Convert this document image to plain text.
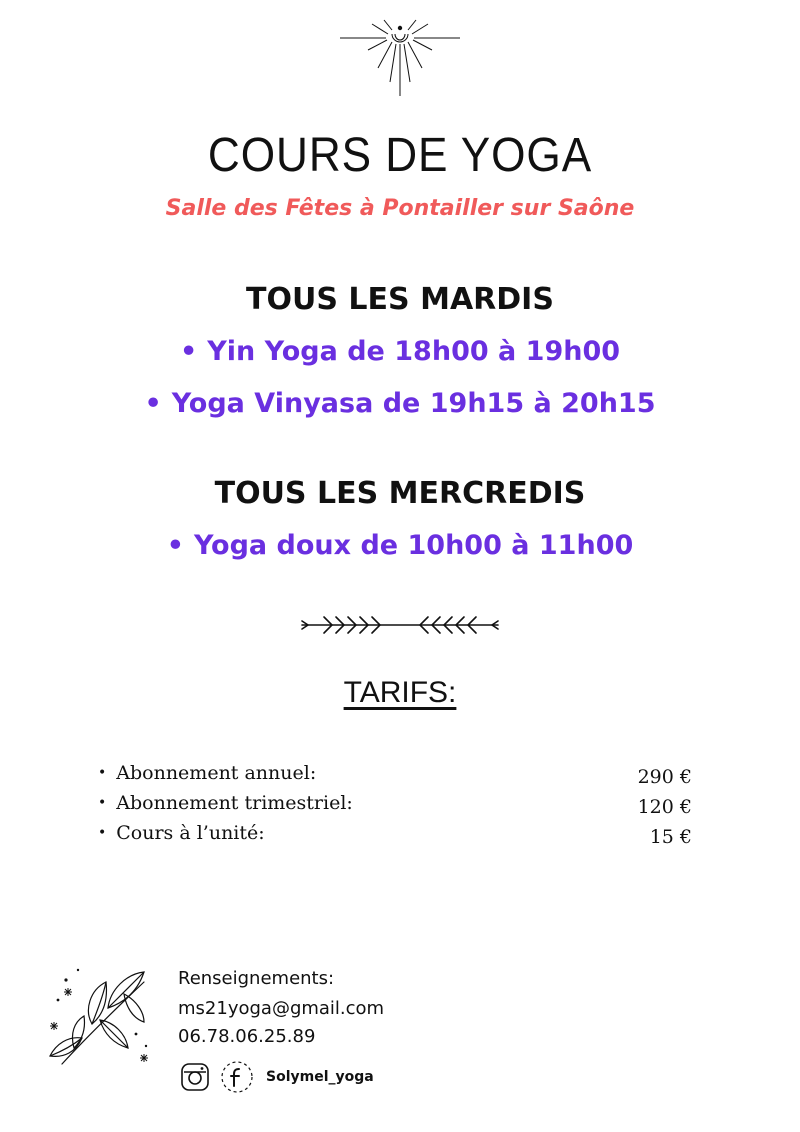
COURS DE YOGA
Salle des Fêtes à Pontailler sur Saône
TOUS LES MARDIS
• Yin Yoga de 18h00 à 19h00
• Yoga Vinyasa de 19h15 à 20h15
TOUS LES MERCREDIS
• Yoga doux de 10h00 à 11h00
TARIFS:
• Abonnement annuel:	290 €
• Abonnement trimestriel:	120 €
• Cours à l’unité:	15 €
Renseignements:
ms21yoga@gmail.com
06.78.06.25.89
Solymel_yoga
